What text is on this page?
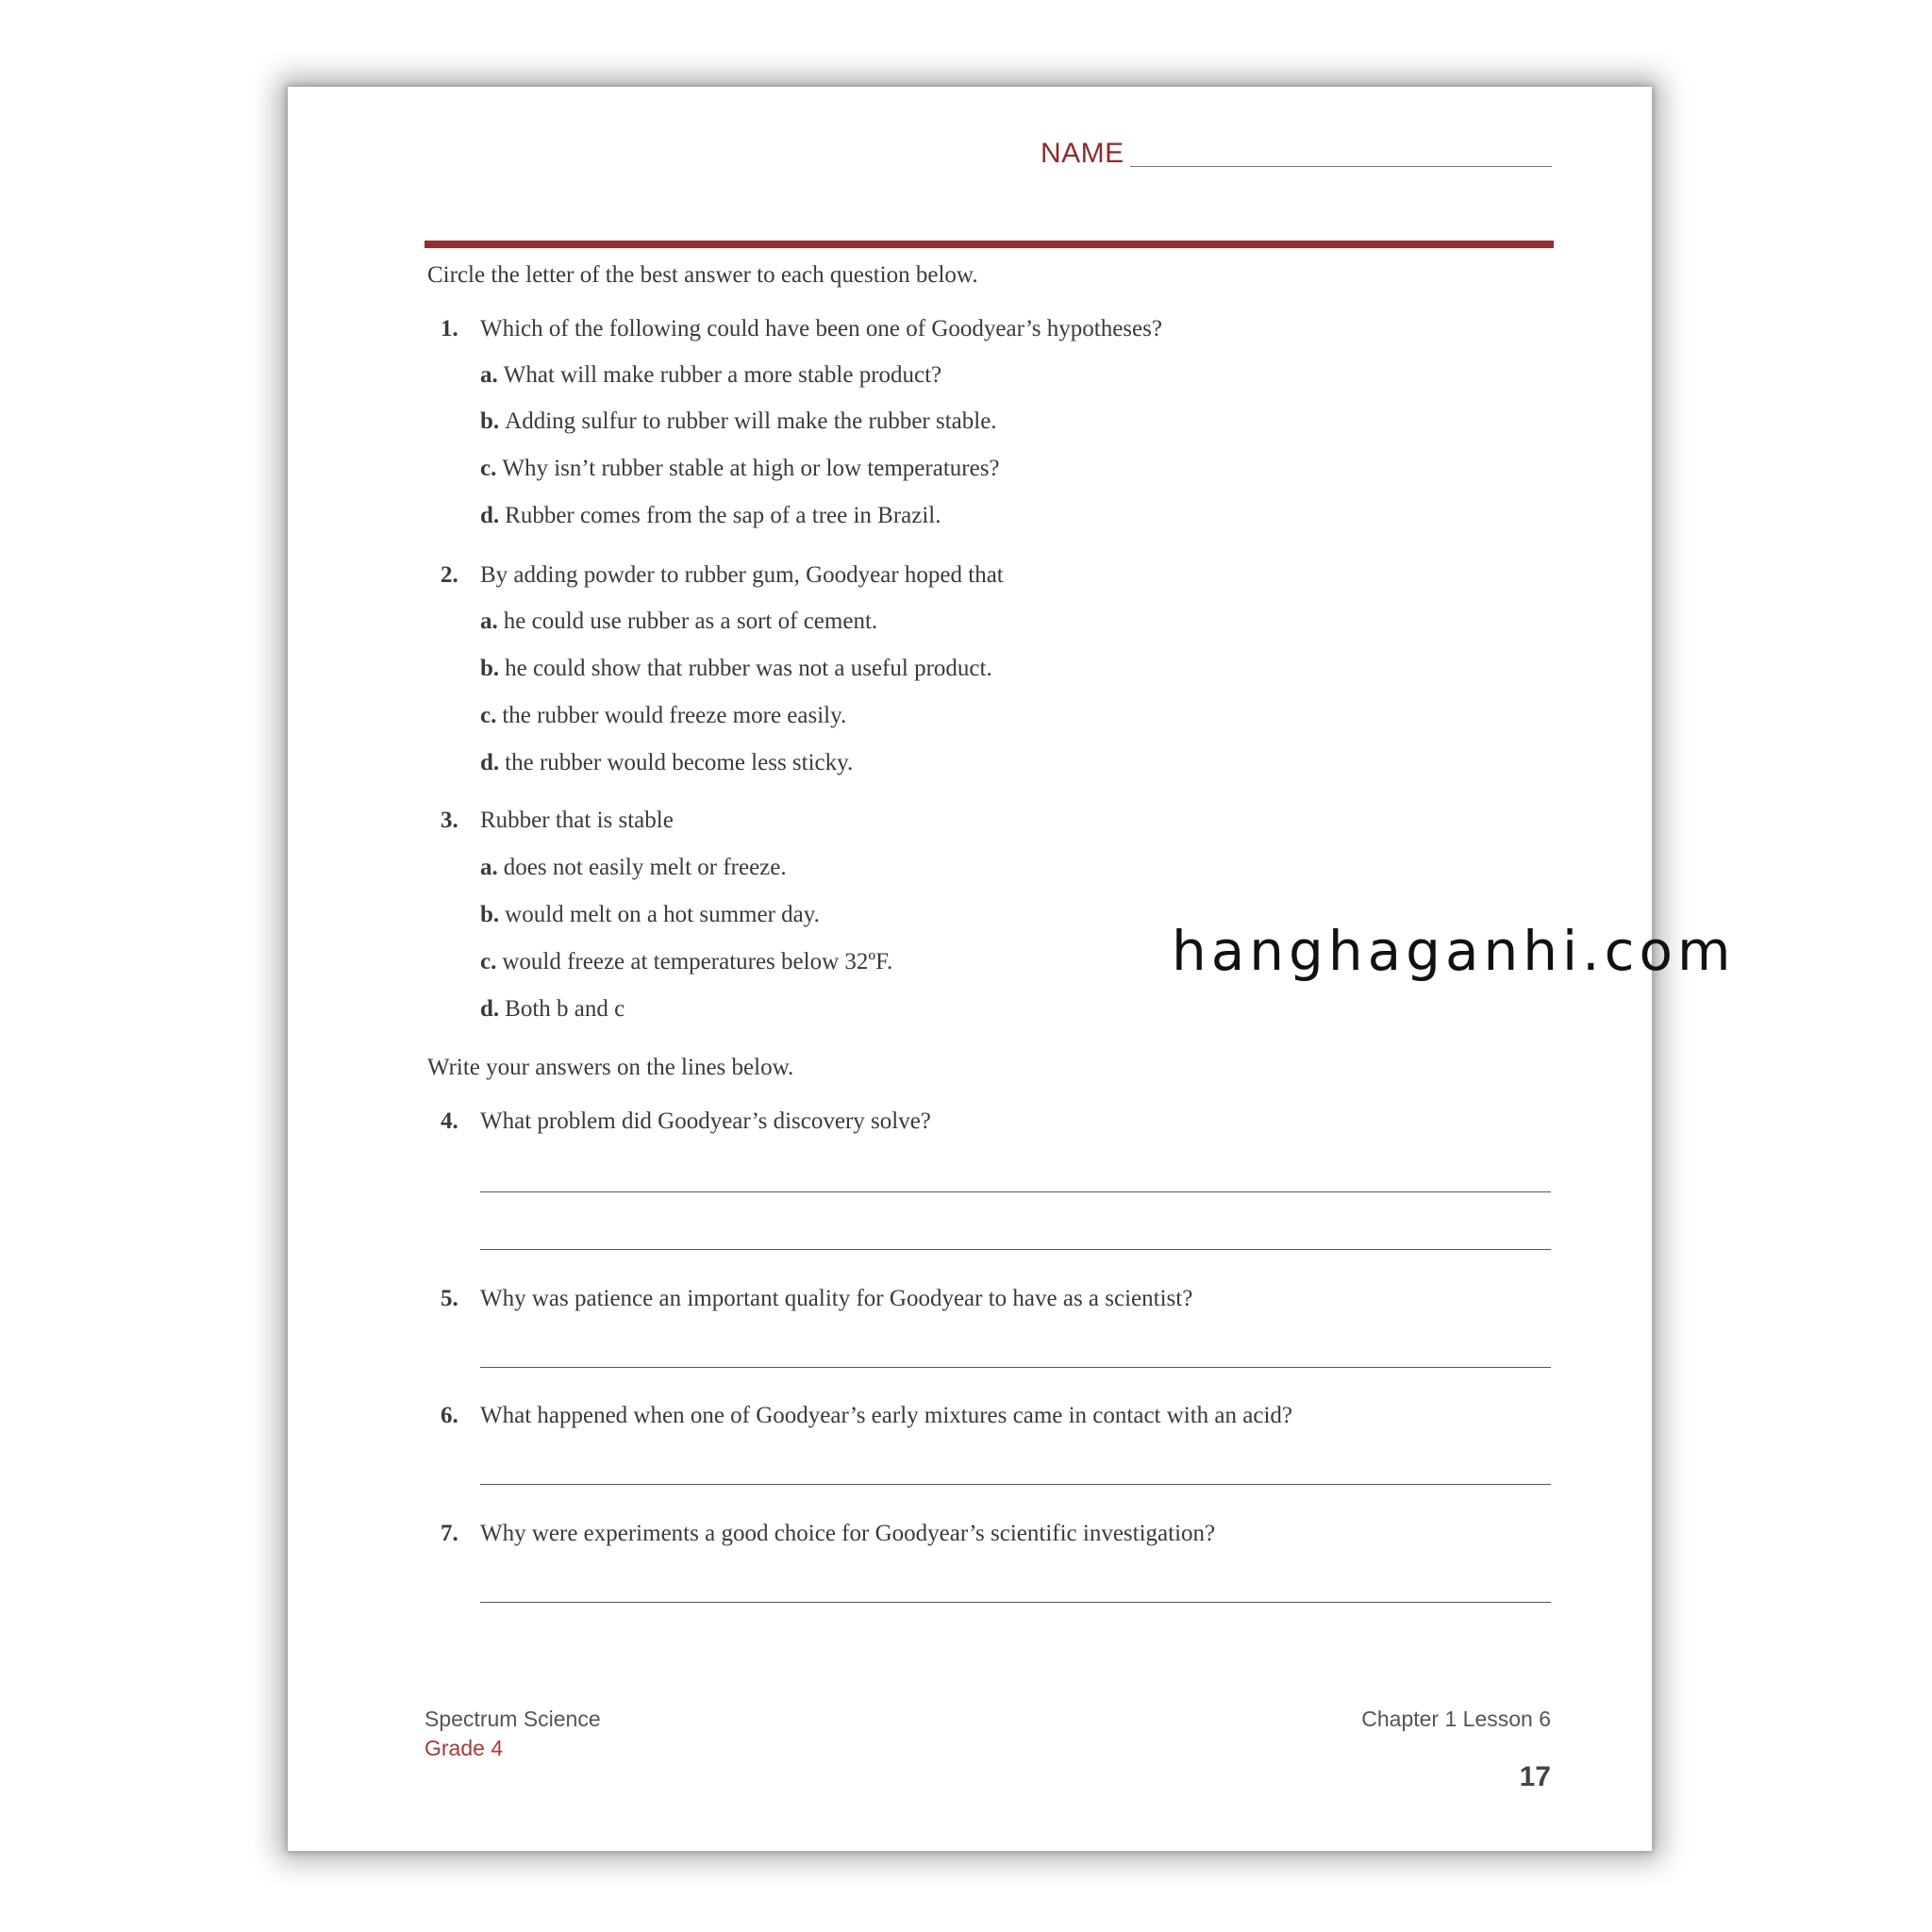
NAME
Circle the letter of the best answer to each question below.
1. Which of the following could have been one of Goodyear’s hypotheses?
a. What will make rubber a more stable product?
b. Adding sulfur to rubber will make the rubber stable.
c. Why isn’t rubber stable at high or low temperatures?
d. Rubber comes from the sap of a tree in Brazil.
2. By adding powder to rubber gum, Goodyear hoped that
a. he could use rubber as a sort of cement.
b. he could show that rubber was not a useful product.
c. the rubber would freeze more easily.
d. the rubber would become less sticky.
3. Rubber that is stable
a. does not easily melt or freeze.
b. would melt on a hot summer day.
c. would freeze at temperatures below 32ºF.
d. Both b and c
Write your answers on the lines below.
4. What problem did Goodyear’s discovery solve?
5. Why was patience an important quality for Goodyear to have as a scientist?
6. What happened when one of Goodyear’s early mixtures came in contact with an acid?
7. Why were experiments a good choice for Goodyear’s scientific investigation?
Spectrum Science
Grade 4
Chapter 1 Lesson 6
17
hanghaganhi.com
